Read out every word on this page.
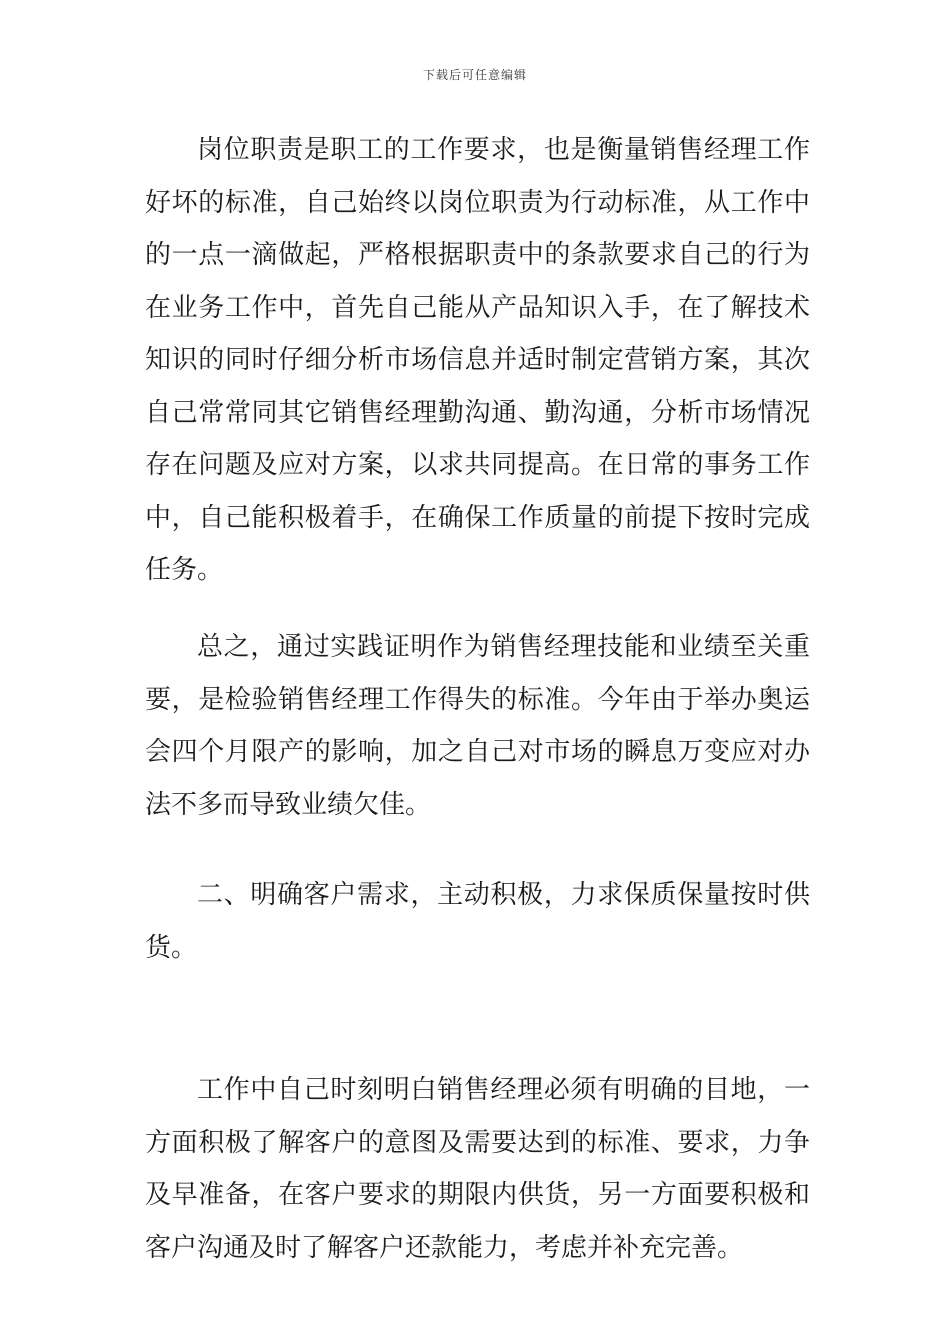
下载后可任意编辑

岗位职责是职工的工作要求，也是衡量销售经理工作好坏的标准，自己始终以岗位职责为行动标准，从工作中的一点一滴做起，严格根据职责中的条款要求自己的行为在业务工作中，首先自己能从产品知识入手，在了解技术知识的同时仔细分析市场信息并适时制定营销方案，其次自己常常同其它销售经理勤沟通、勤沟通，分析市场情况存在问题及应对方案，以求共同提高。在日常的事务工作中，自己能积极着手，在确保工作质量的前提下按时完成任务。

总之，通过实践证明作为销售经理技能和业绩至关重要，是检验销售经理工作得失的标准。今年由于举办奥运会四个月限产的影响，加之自己对市场的瞬息万变应对办法不多而导致业绩欠佳。

二、明确客户需求，主动积极，力求保质保量按时供货。

工作中自己时刻明白销售经理必须有明确的目地，一方面积极了解客户的意图及需要达到的标准、要求，力争及早准备，在客户要求的期限内供货，另一方面要积极和客户沟通及时了解客户还款能力，考虑并补充完善。
